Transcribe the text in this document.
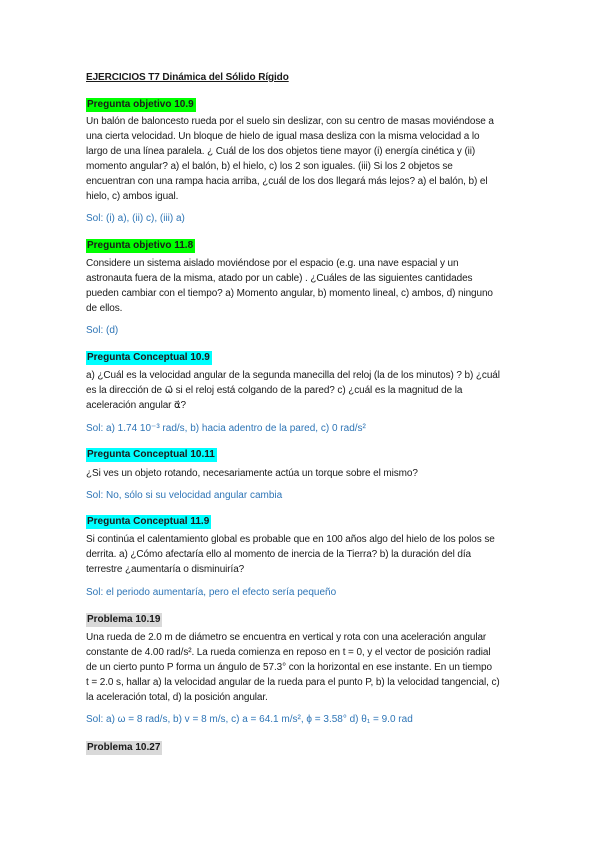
EJERCICIOS T7 Dinámica del Sólido Rígido
Pregunta objetivo 10.9
Un balón de baloncesto rueda por el suelo sin deslizar, con su centro de masas moviéndose a
una cierta velocidad. Un bloque de hielo de igual masa desliza con la misma velocidad a lo
largo de una línea paralela. ¿ Cuál de los dos objetos tiene mayor (i) energía cinética y (ii)
momento angular? a) el balón, b) el hielo, c) los 2 son iguales. (iii) Si los 2 objetos se
encuentran con una rampa hacia arriba, ¿cuál de los dos llegará más lejos? a) el balón, b) el
hielo, c) ambos igual.
Sol: (i) a), (ii) c), (iii) a)
Pregunta objetivo 11.8
Considere un sistema aislado moviéndose por el espacio (e.g. una nave espacial y un
astronauta fuera de la misma, atado por un cable) . ¿Cuáles de las siguientes cantidades
pueden cambiar con el tiempo? a) Momento angular, b) momento lineal, c) ambos, d) ninguno
de ellos.
Sol: (d)
Pregunta Conceptual 10.9
a) ¿Cuál es la velocidad angular de la segunda manecilla del reloj (la de los minutos) ? b) ¿cuál
es la dirección de ω⃗ si el reloj está colgando de la pared? c) ¿cuál es la magnitud de la
aceleración angular α⃗?
Sol: a) 1.74 10⁻³ rad/s, b) hacia adentro de la pared, c) 0 rad/s²
Pregunta Conceptual 10.11
¿Si ves un objeto rotando, necesariamente actúa un torque sobre el mismo?
Sol: No, sólo si su velocidad angular cambia
Pregunta Conceptual 11.9
Si continúa el calentamiento global es probable que en 100 años algo del hielo de los polos se
derrita. a) ¿Cómo afectaría ello al momento de inercia de la Tierra? b) la duración del día
terrestre ¿aumentaría o disminuiría?
Sol: el periodo aumentaría, pero el efecto sería pequeño
Problema 10.19
Una rueda de 2.0 m de diámetro se encuentra en vertical y rota con una aceleración angular
constante de 4.00 rad/s². La rueda comienza en reposo en t = 0, y el vector de posición radial
de un cierto punto P forma un ángulo de 57.3° con la horizontal en ese instante. En un tiempo
t = 2.0 s, hallar a) la velocidad angular de la rueda para el punto P, b) la velocidad tangencial, c)
la aceleración total, d) la posición angular.
Sol: a) ω = 8 rad/s, b) v = 8 m/s, c) a = 64.1 m/s², ϕ = 3.58° d) θ₁ = 9.0 rad
Problema 10.27
